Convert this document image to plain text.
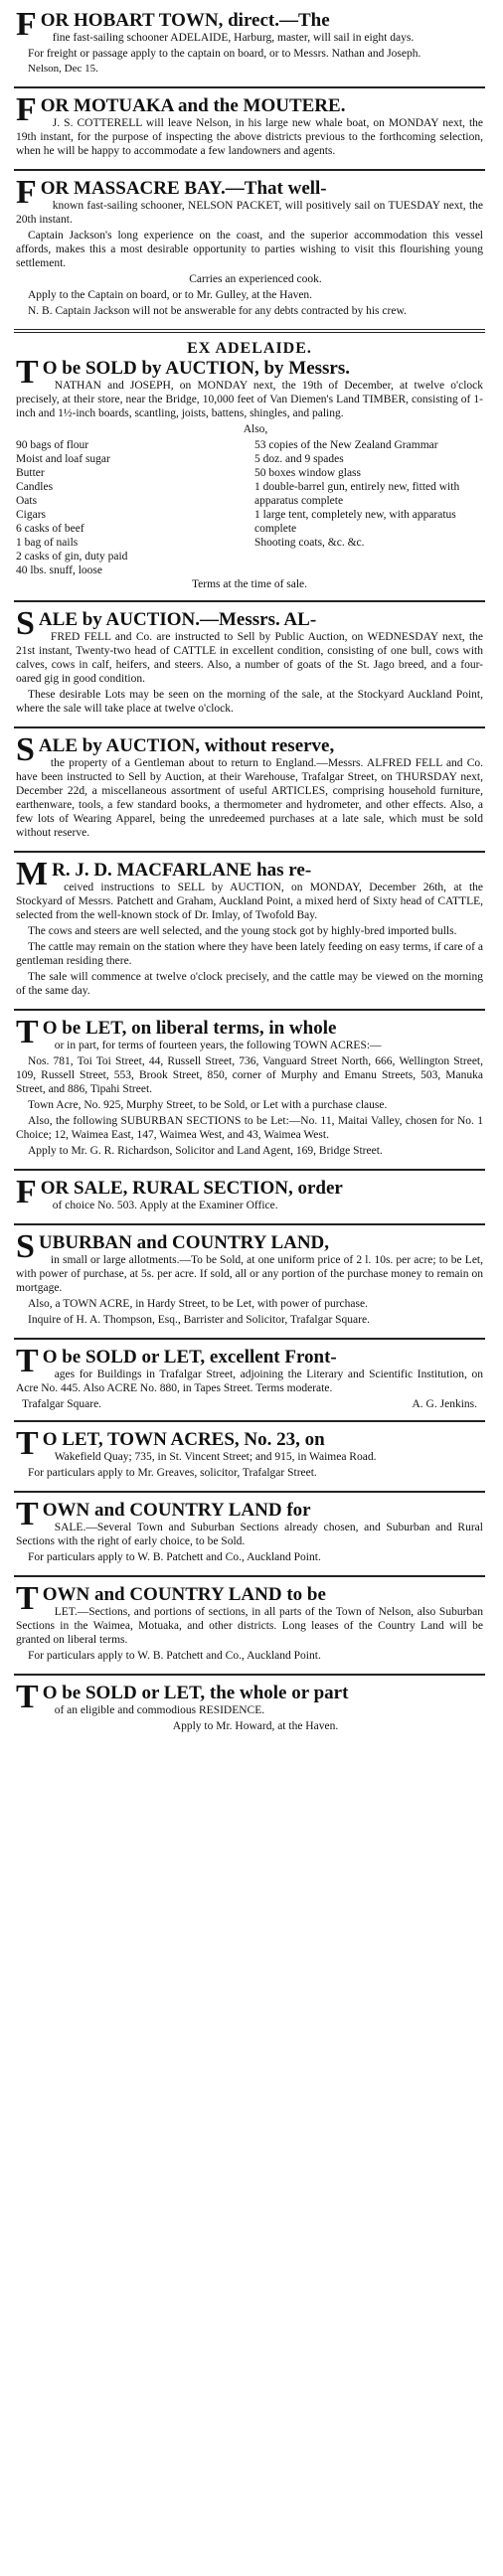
FOR HOBART TOWN, direct.—The

fine fast-sailing schooner ADELAIDE, Harburg, master, will sail in eight days.

For freight or passage apply to the captain on board, or to Messrs. Nathan and Joseph.

Nelson, Dec 15.

FOR MOTUAKA and the MOUTERE.

J. S. COTTERELL will leave Nelson, in his large new whale boat, on MONDAY next, the 19th instant, for the purpose of inspecting the above districts previous to the forthcoming selection, when he will be happy to accommodate a few landowners and agents.

FOR MASSACRE BAY.—That well-

known fast-sailing schooner, NELSON PACKET, will positively sail on TUESDAY next, the 20th instant.

Captain Jackson's long experience on the coast, and the superior accommodation this vessel affords, makes this a most desirable opportunity to parties wishing to visit this flourishing young settlement.

Carries an experienced cook.

Apply to the Captain on board, or to Mr. Gulley, at the Haven.

N. B. Captain Jackson will not be answerable for any debts contracted by his crew.

EX ADELAIDE.
T O be SOLD by AUCTION, by Messrs.

NATHAN and JOSEPH, on MONDAY next, the 19th of December, at twelve o'clock precisely, at their store, near the Bridge, 10,000 feet of Van Diemen's Land TIMBER, consisting of 1-inch and 1½-inch boards, scantling, joists, battens, shingles, and paling.

Also,

90 bags of flour
Moist and loaf sugar
Butter
Candles
Oats
Cigars
6 casks of beef
1 bag of nails
2 casks of gin, duty paid
40 lbs. snuff, loose
53 copies of the New Zealand Grammar
5 doz. and 9 spades
50 boxes window glass
1 double-barrel gun, entirely new, fitted with apparatus complete
1 large tent, completely new, with apparatus complete
Shooting coats, &c. &c.
Terms at the time of sale.
SALE by AUCTION.—Messrs. AL-

FRED FELL and Co. are instructed to Sell by Public Auction, on WEDNESDAY next, the 21st instant, Twenty-two head of CATTLE in excellent condition, consisting of one bull, cows with calves, cows in calf, heifers, and steers. Also, a number of goats of the St. Jago breed, and a four-oared gig in good condition.

These desirable Lots may be seen on the morning of the sale, at the Stockyard Auckland Point, where the sale will take place at twelve o'clock.

SALE by AUCTION, without reserve,

the property of a Gentleman about to return to England.—Messrs. ALFRED FELL and Co. have been instructed to Sell by Auction, at their Warehouse, Trafalgar Street, on THURSDAY next, December 22d, a miscellaneous assortment of useful ARTICLES, comprising household furniture, earthenware, tools, a few standard books, a thermometer and hydrometer, and other effects. Also, a few lots of Wearing Apparel, being the unredeemed purchases at a late sale, which must be sold without reserve.

M R. J. D. MACFARLANE has re-

ceived instructions to SELL by AUCTION, on MONDAY, December 26th, at the Stockyard of Messrs. Patchett and Graham, Auckland Point, a mixed herd of Sixty head of CATTLE, selected from the well-known stock of Dr. Imlay, of Twofold Bay.

The cows and steers are well selected, and the young stock got by highly-bred imported bulls.

The cattle may remain on the station where they have been lately feeding on easy terms, if care of a gentleman residing there.

The sale will commence at twelve o'clock precisely, and the cattle may be viewed on the morning of the same day.

T O be LET, on liberal terms, in whole

or in part, for terms of fourteen years, the following TOWN ACRES:—

Nos. 781, Toi Toi Street, 44, Russell Street, 736, Vanguard Street North, 666, Wellington Street, 109, Russell Street, 553, Brook Street, 850, corner of Murphy and Emanu Streets, 503, Manuka Street, and 886, Tipahi Street.

Town Acre, No. 925, Murphy Street, to be Sold, or Let with a purchase clause.

Also, the following SUBURBAN SECTIONS to be Let:—No. 11, Maitai Valley, chosen for No. 1 Choice; 12, Waimea East, 147, Waimea West, and 43, Waimea West.

Apply to Mr. G. R. Richardson, Solicitor and Land Agent, 169, Bridge Street.

FOR SALE, RURAL SECTION, order

of choice No. 503. Apply at the Examiner Office.

SUBURBAN and COUNTRY LAND,

in small or large allotments.—To be Sold, at one uniform price of 2 l. 10s. per acre; to be Let, with power of purchase, at 5s. per acre. If sold, all or any portion of the purchase money to remain on mortgage.

Also, a TOWN ACRE, in Hardy Street, to be Let, with power of purchase.

Inquire of H. A. Thompson, Esq., Barrister and Solicitor, Trafalgar Square.

T O be SOLD or LET, excellent Front-

ages for Buildings in Trafalgar Street, adjoining the Literary and Scientific Institution, on Acre No. 445. Also ACRE No. 880, in Tapes Street. Terms moderate.

Trafalgar Square.	A. G. Jenkins.
T O LET, TOWN ACRES, No. 23, on

Wakefield Quay; 735, in St. Vincent Street; and 915, in Waimea Road.

For particulars apply to Mr. Greaves, solicitor, Trafalgar Street.

TOWN and COUNTRY LAND for

SALE.—Several Town and Suburban Sections already chosen, and Suburban and Rural Sections with the right of early choice, to be Sold.

For particulars apply to W. B. Patchett and Co., Auckland Point.

TOWN and COUNTRY LAND to be

LET.—Sections, and portions of sections, in all parts of the Town of Nelson, also Suburban Sections in the Waimea, Motuaka, and other districts. Long leases of the Country Land will be granted on liberal terms.

For particulars apply to W. B. Patchett and Co., Auckland Point.

T O be SOLD or LET, the whole or part

of an eligible and commodious RESIDENCE.

Apply to Mr. Howard, at the Haven.
